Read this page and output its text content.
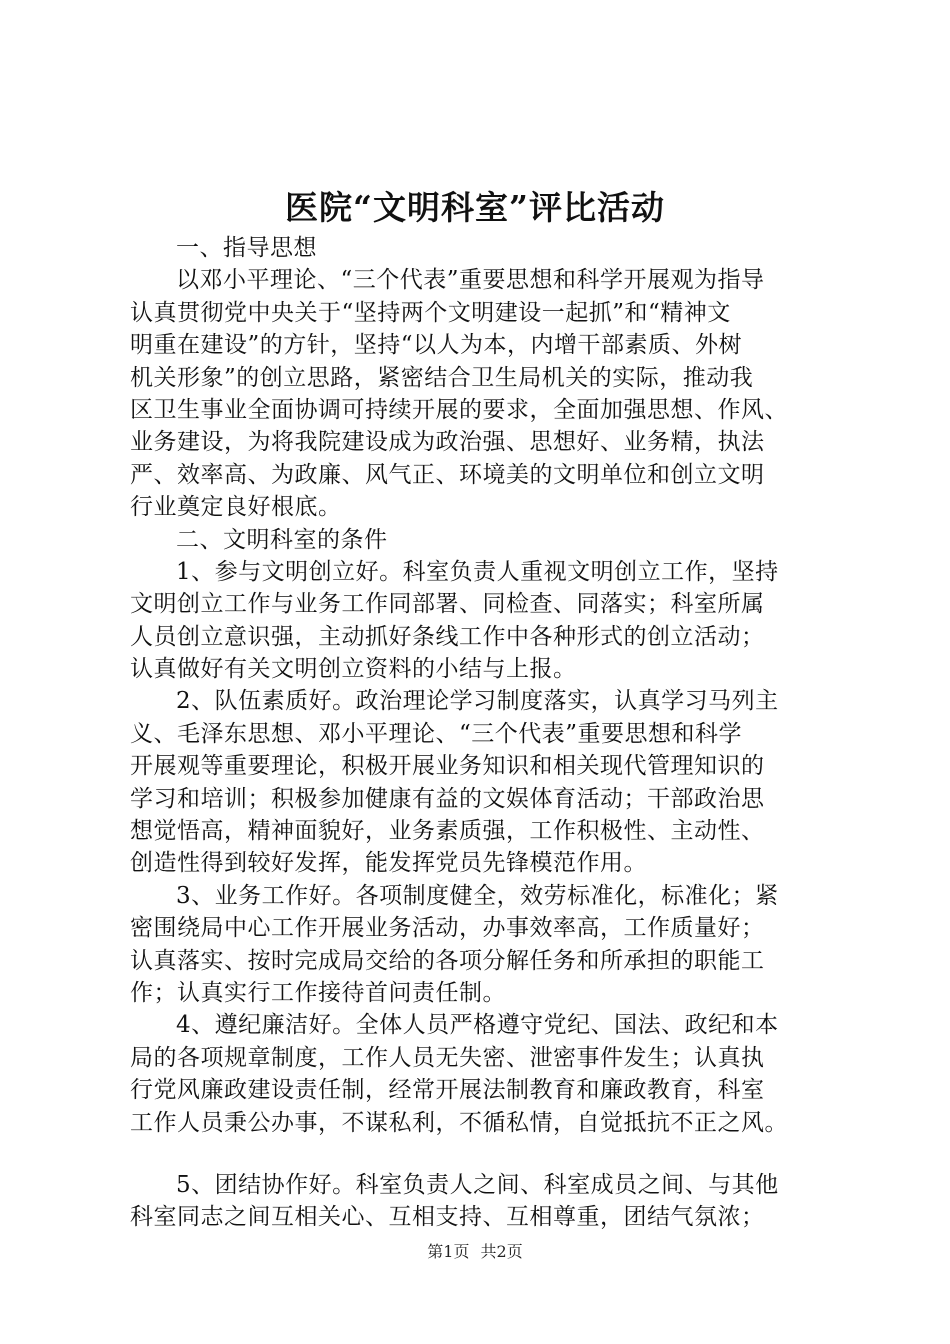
医院“文明科室”评比活动
一、指导思想
以邓小平理论、“三个代表”重要思想和科学开展观为指导
认真贯彻党中央关于“坚持两个文明建设一起抓”和“精神文
明重在建设”的方针，坚持“以人为本，内增干部素质、外树
机关形象”的创立思路，紧密结合卫生局机关的实际，推动我
区卫生事业全面协调可持续开展的要求，全面加强思想、作风、
业务建设，为将我院建设成为政治强、思想好、业务精，执法
严、效率高、为政廉、风气正、环境美的文明单位和创立文明
行业奠定良好根底。
二、文明科室的条件
1、参与文明创立好。科室负责人重视文明创立工作，坚持
文明创立工作与业务工作同部署、同检查、同落实；科室所属
人员创立意识强，主动抓好条线工作中各种形式的创立活动；
认真做好有关文明创立资料的小结与上报。
2、队伍素质好。政治理论学习制度落实，认真学习马列主
义、毛泽东思想、邓小平理论、“三个代表”重要思想和科学
开展观等重要理论，积极开展业务知识和相关现代管理知识的
学习和培训；积极参加健康有益的文娱体育活动；干部政治思
想觉悟高，精神面貌好，业务素质强，工作积极性、主动性、
创造性得到较好发挥，能发挥党员先锋模范作用。
3、业务工作好。各项制度健全，效劳标准化，标准化；紧
密围绕局中心工作开展业务活动，办事效率高，工作质量好；
认真落实、按时完成局交给的各项分解任务和所承担的职能工
作；认真实行工作接待首问责任制。
4、遵纪廉洁好。全体人员严格遵守党纪、国法、政纪和本
局的各项规章制度，工作人员无失密、泄密事件发生；认真执
行党风廉政建设责任制，经常开展法制教育和廉政教育，科室
工作人员秉公办事，不谋私利，不循私情，自觉抵抗不正之风。
5、团结协作好。科室负责人之间、科室成员之间、与其他
科室同志之间互相关心、互相支持、互相尊重，团结气氛浓；
第1页 共2页
